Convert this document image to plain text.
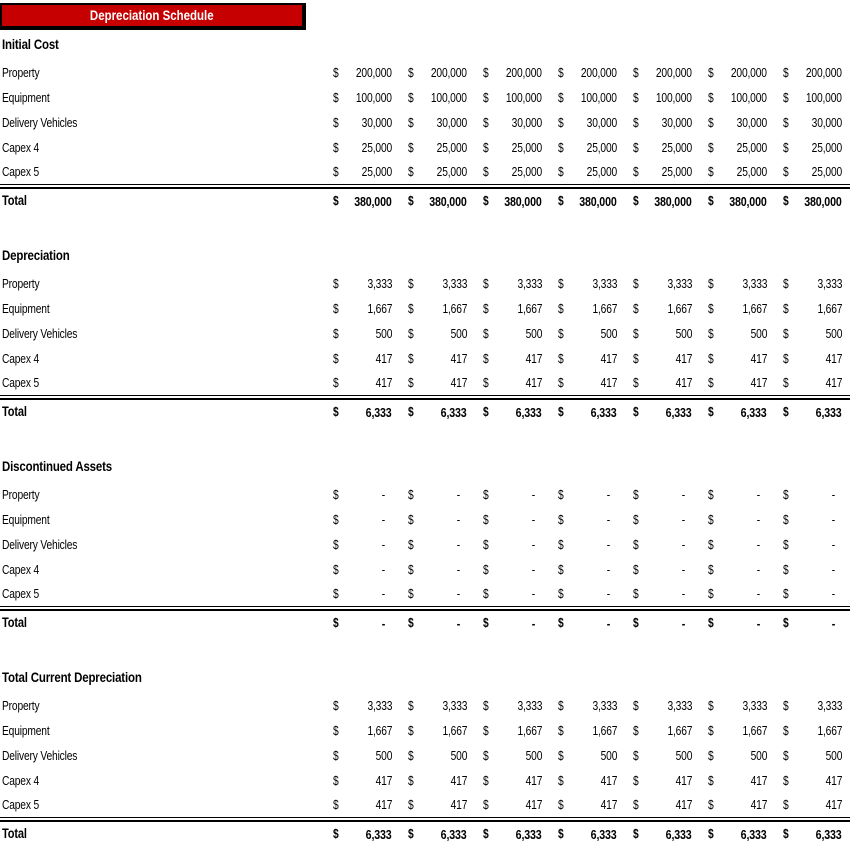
Depreciation Schedule
Initial Cost
Property	$ 200,000 $ 200,000 $ 200,000 $ 200,000 $ 200,000 $ 200,000 $ 200,000
Equipment	$ 100,000 $ 100,000 $ 100,000 $ 100,000 $ 100,000 $ 100,000 $ 100,000
Delivery Vehicles	$ 30,000 $ 30,000 $ 30,000 $ 30,000 $ 30,000 $ 30,000 $ 30,000
Capex 4	$ 25,000 $ 25,000 $ 25,000 $ 25,000 $ 25,000 $ 25,000 $ 25,000
Capex 5	$ 25,000 $ 25,000 $ 25,000 $ 25,000 $ 25,000 $ 25,000 $ 25,000
Total	$ 380,000 $ 380,000 $ 380,000 $ 380,000 $ 380,000 $ 380,000 $ 380,000
Depreciation
Property	$ 3,333 $ 3,333 $ 3,333 $ 3,333 $ 3,333 $ 3,333 $ 3,333
Equipment	$ 1,667 $ 1,667 $ 1,667 $ 1,667 $ 1,667 $ 1,667 $ 1,667
Delivery Vehicles	$	500 $	500 $	500 $	500 $	500 $	500 $	500
Capex 4	$	417 $	417 $	417 $	417 $	417 $	417 $	417
Capex 5	$	417 $	417 $	417 $	417 $	417 $	417 $	417
Total	$ 6,333 $ 6,333 $ 6,333 $ 6,333 $ 6,333 $ 6,333 $ 6,333
Discontinued Assets
Property	$	- $	- $	- $	- $	- $	- $	-
Equipment	$	- $	- $	- $	- $	- $	- $	-
Delivery Vehicles	$	- $	- $	- $	- $	- $	- $	-
Capex 4	$	- $	- $	- $	- $	- $	- $	-
Capex 5	$	- $	- $	- $	- $	- $	- $	-
Total	$	- $	- $	- $	- $	- $	- $	-
Total Current Depreciation
Property	$ 3,333 $ 3,333 $ 3,333 $ 3,333 $ 3,333 $ 3,333 $ 3,333
Equipment	$ 1,667 $ 1,667 $ 1,667 $ 1,667 $ 1,667 $ 1,667 $ 1,667
Delivery Vehicles	$	500 $	500 $	500 $	500 $	500 $	500 $	500
Capex 4	$	417 $	417 $	417 $	417 $	417 $	417 $	417
Capex 5	$	417 $	417 $	417 $	417 $	417 $	417 $	417
Total	$ 6,333 $ 6,333 $ 6,333 $ 6,333 $ 6,333 $ 6,333 $ 6,333
